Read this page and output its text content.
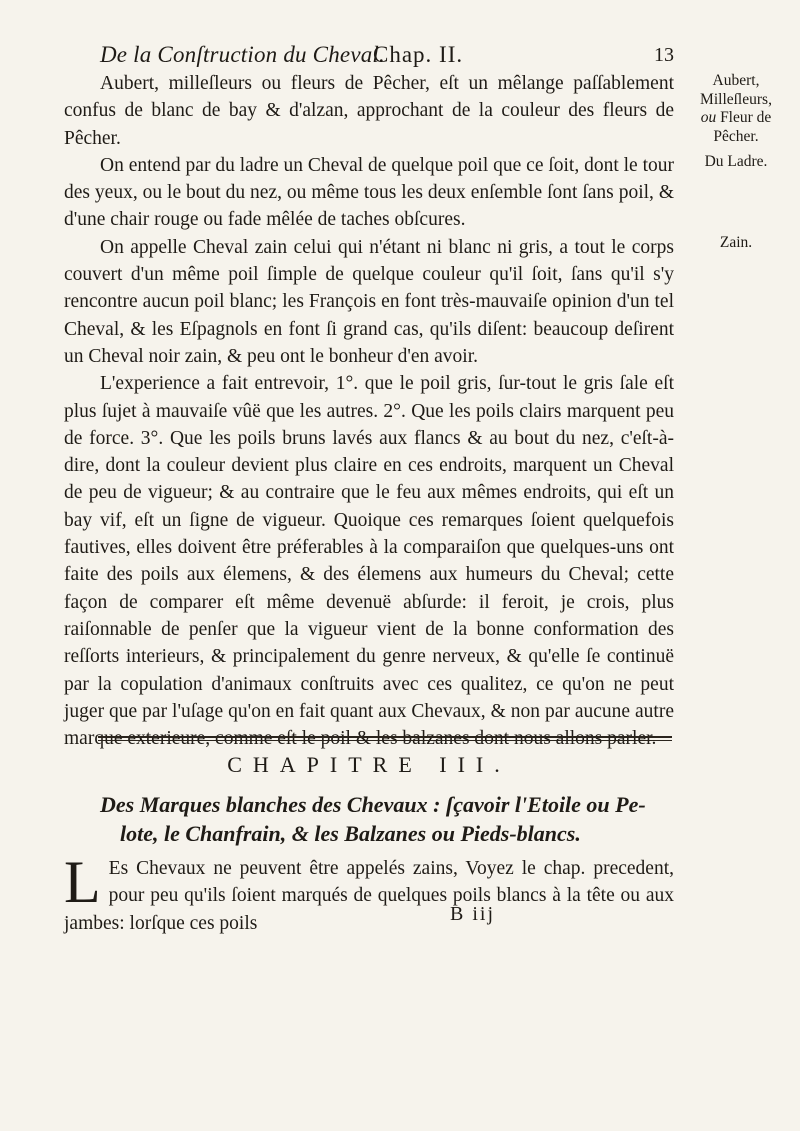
De la Conſtruction du Cheval.
Chap. II.	13

Aubert, milleſleurs ou fleurs de Pêcher, eſt un mêlange paſſablement confus de blanc de bay & d'alzan, approchant de la couleur des fleurs de Pêcher.

On entend par du ladre un Cheval de quelque poil que ce ſoit, dont le tour des yeux, ou le bout du nez, ou même tous les deux enſemble ſont ſans poil, & d'une chair rouge ou fade mêlée de taches obſcures.

On appelle Cheval zain celui qui n'étant ni blanc ni gris, a tout le corps couvert d'un même poil ſimple de quelque couleur qu'il ſoit, ſans qu'il s'y rencontre aucun poil blanc; les François en font très-mauvaiſe opinion d'un tel Cheval, & les Eſpagnols en font ſi grand cas, qu'ils diſent: beaucoup deſirent un Cheval noir zain, & peu ont le bonheur d'en avoir.

L'experience a fait entrevoir, 1°. que le poil gris, ſur-tout le gris ſale eſt plus ſujet à mauvaiſe vûë que les autres. 2°. Que les poils clairs marquent peu de force. 3°. Que les poils bruns lavés aux flancs & au bout du nez, c'eſt-à-dire, dont la couleur devient plus claire en ces endroits, marquent un Cheval de peu de vigueur; & au contraire que le feu aux mêmes endroits, qui eſt un bay vif, eſt un ſigne de vigueur. Quoique ces remarques ſoient quelquefois fautives, elles doivent être préferables à la comparaiſon que quelques-uns ont faite des poils aux élemens, & des élemens aux humeurs du Cheval; cette façon de comparer eſt même devenuë abſurde: il feroit, je crois, plus raiſonnable de penſer que la vigueur vient de la bonne conformation des reſſorts interieurs, & principalement du genre nerveux, & qu'elle ſe continuë par la copulation d'animaux conſtruits avec ces qualitez, ce qu'on ne peut juger que par l'uſage qu'on en fait quant aux Chevaux, & non par aucune autre marque exterieure, comme eſt le poil & les balzanes dont nous allons parler.

Aubert,
Milleſleurs,
ou Fleur de
Pêcher.
Du Ladre.
Zain.
CHAPITRE III.
Des Marques blanches des Chevaux : ſçavoir l'Etoile ou Pe-
lote, le Chanfrain, & les Balzanes ou Pieds-blancs.
L Es Chevaux ne peuvent être appelés zains, Voyez le chap. precedent, pour peu qu'ils ſoient marqués de quelques poils blancs à la tête ou aux jambes: lorſque ces poils	B iij
